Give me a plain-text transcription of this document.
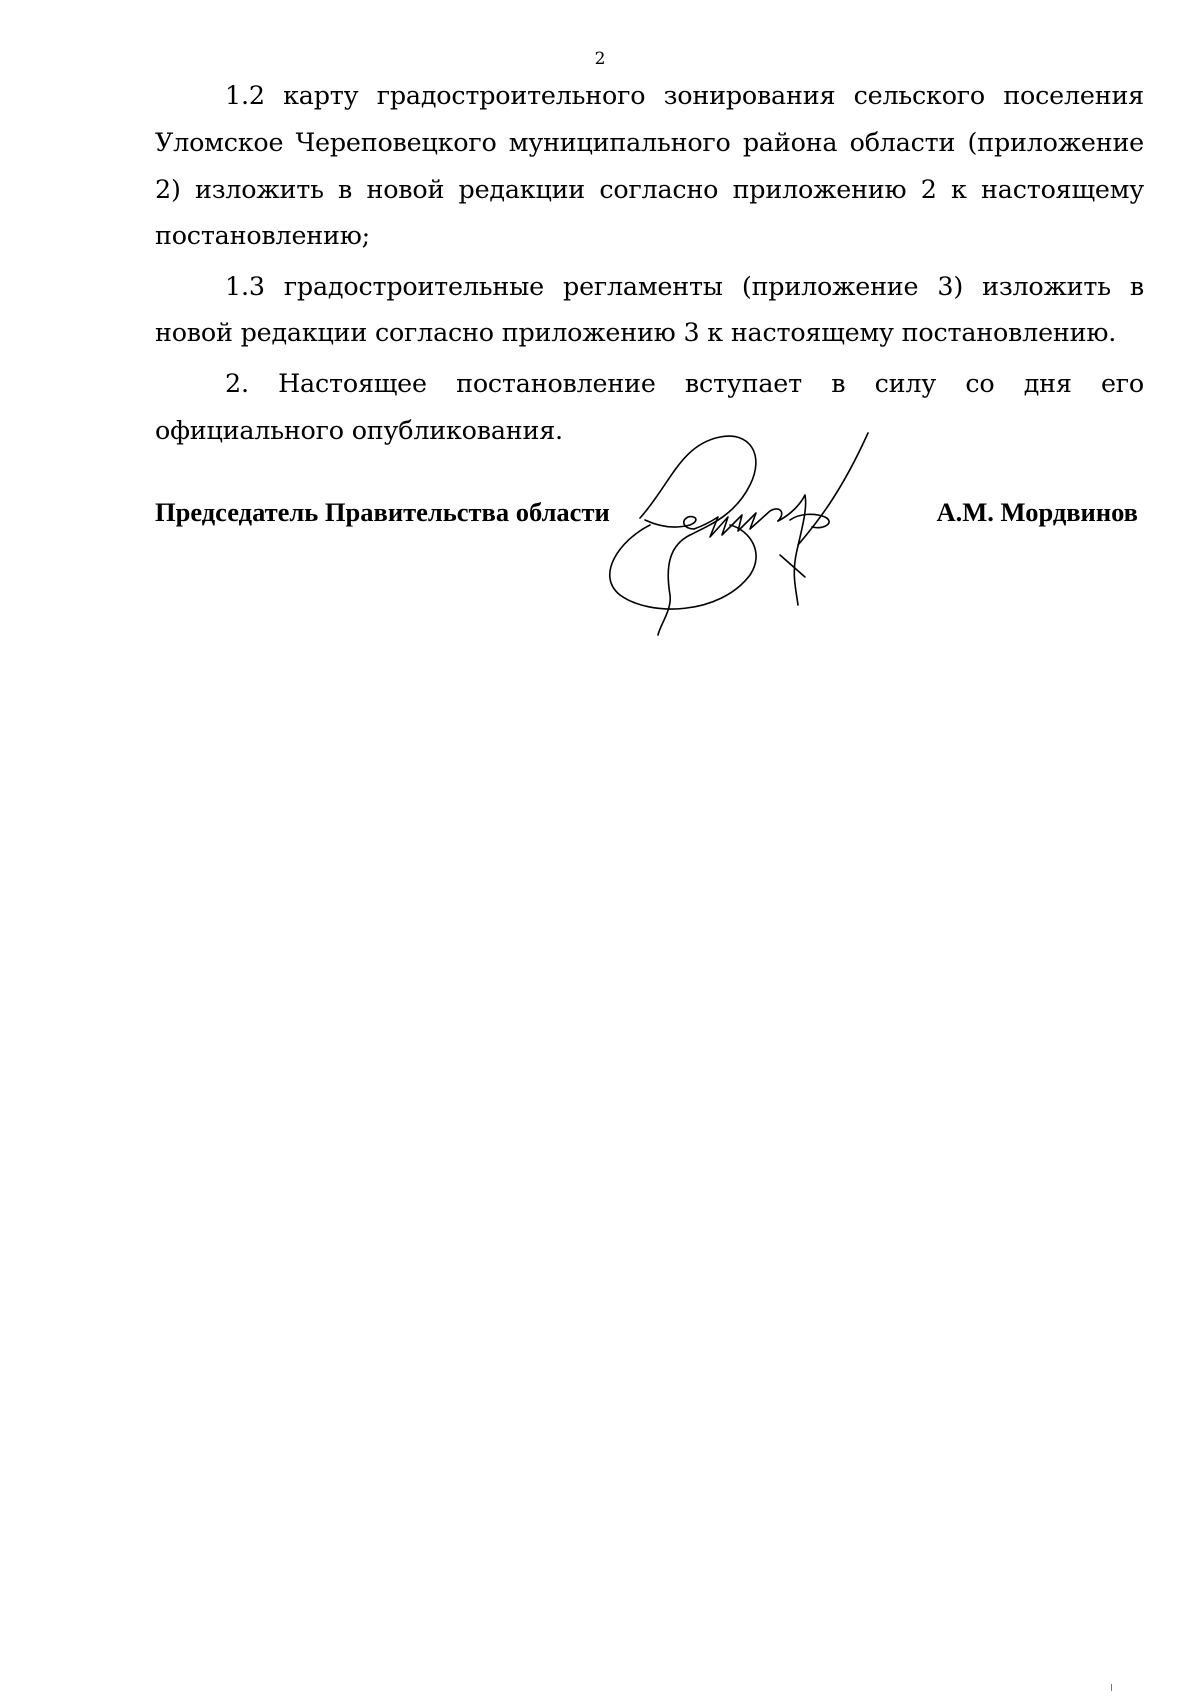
2

1.2 карту градостроительного зонирования сельского поселения Уломское Череповецкого муниципального района области (приложение 2) изложить в новой редакции согласно приложению 2 к настоящему постановлению;

1.3 градостроительные регламенты (приложение 3) изложить в новой редакции согласно приложению 3 к настоящему постановлению.

2. Настоящее постановление вступает в силу со дня его официального опубликования.

Председатель Правительства области	А.М. Мордвинов
